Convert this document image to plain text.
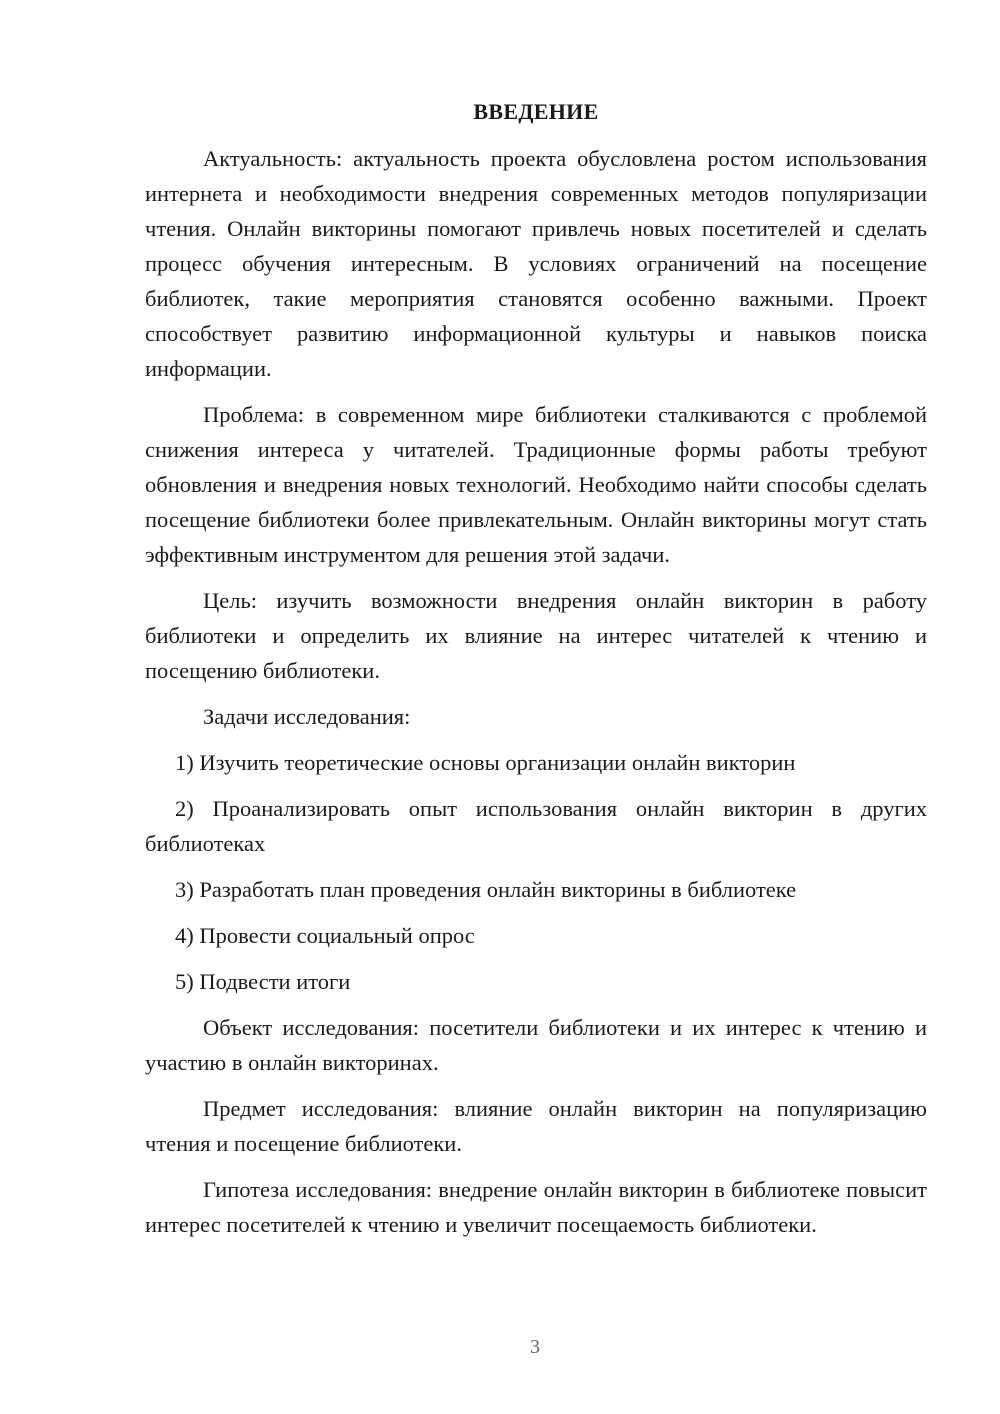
ВВЕДЕНИЕ

Актуальность: актуальность проекта обусловлена ростом использования интернета и необходимости внедрения современных методов популяризации чтения. Онлайн викторины помогают привлечь новых посетителей и сделать процесс обучения интересным. В условиях ограничений на посещение библиотек, такие мероприятия становятся особенно важными. Проект способствует развитию информационной культуры и навыков поиска информации.

Проблема: в современном мире библиотеки сталкиваются с проблемой снижения интереса у читателей. Традиционные формы работы требуют обновления и внедрения новых технологий. Необходимо найти способы сделать посещение библиотеки более привлекательным. Онлайн викторины могут стать эффективным инструментом для решения этой задачи.

Цель: изучить возможности внедрения онлайн викторин в работу библиотеки и определить их влияние на интерес читателей к чтению и посещению библиотеки.

Задачи исследования:

1) Изучить теоретические основы организации онлайн викторин
2) Проанализировать опыт использования онлайн викторин в других библиотеках
3) Разработать план проведения онлайн викторины в библиотеке
4) Провести социальный опрос
5) Подвести итоги

Объект исследования: посетители библиотеки и их интерес к чтению и участию в онлайн викторинах.

Предмет исследования: влияние онлайн викторин на популяризацию чтения и посещение библиотеки.

Гипотеза исследования: внедрение онлайн викторин в библиотеке повысит интерес посетителей к чтению и увеличит посещаемость библиотеки.

3
